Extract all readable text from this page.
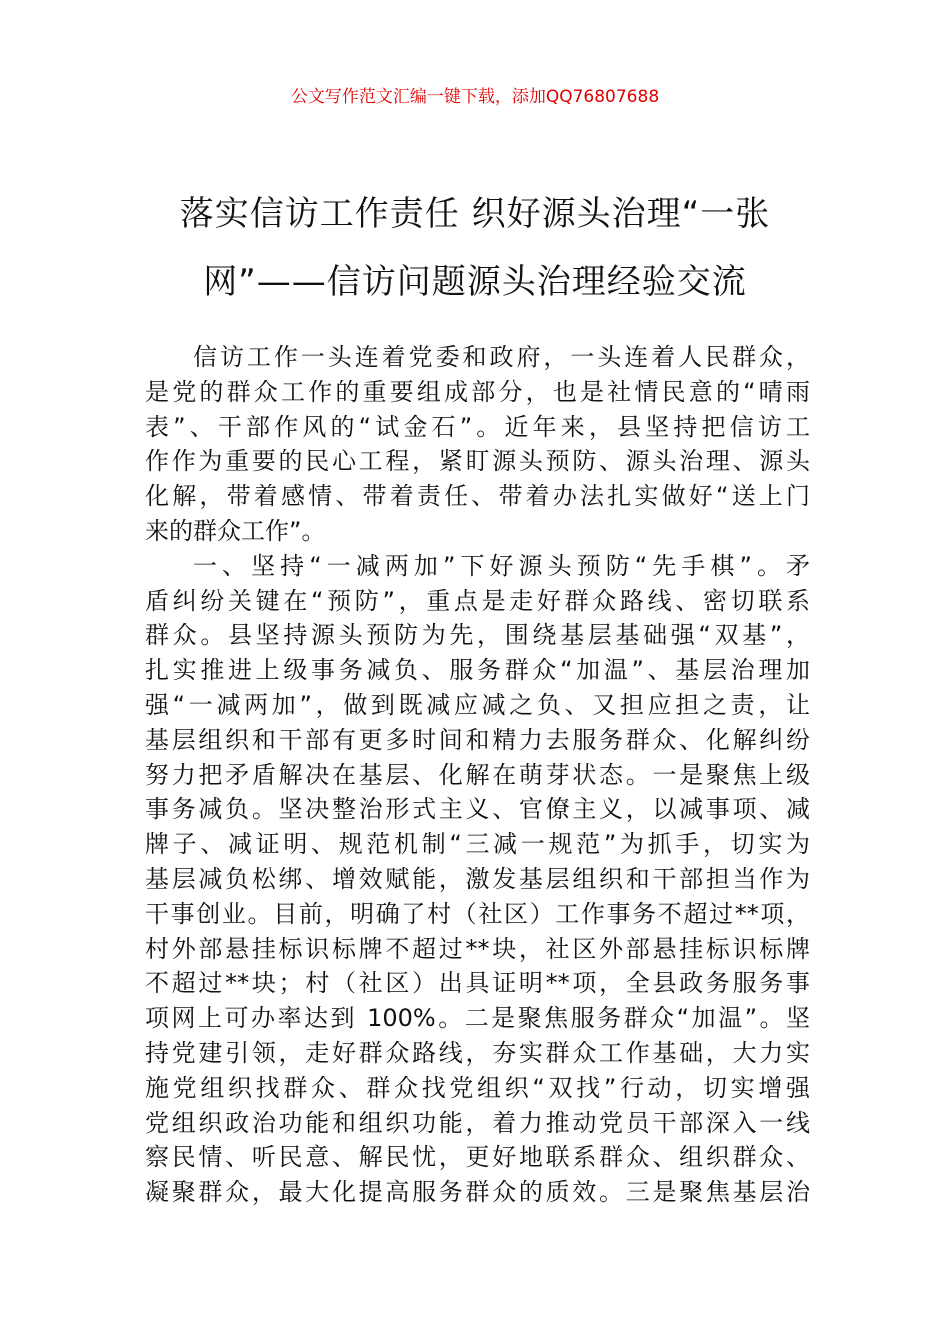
公文写作范文汇编一键下载，添加QQ76807688
落实信访工作责任 织好源头治理“一张
网”——信访问题源头治理经验交流
信访工作一头连着党委和政府，一头连着人民群众，
是党的群众工作的重要组成部分，也是社情民意的“晴雨
表”、干部作风的“试金石”。近年来，县坚持把信访工
作作为重要的民心工程，紧盯源头预防、源头治理、源头
化解，带着感情、带着责任、带着办法扎实做好“送上门
来的群众工作”。
一、坚持“一减两加”下好源头预防“先手棋”。矛
盾纠纷关键在“预防”，重点是走好群众路线、密切联系
群众。县坚持源头预防为先，围绕基层基础强“双基”，
扎实推进上级事务减负、服务群众“加温”、基层治理加
强“一减两加”，做到既减应减之负、又担应担之责，让
基层组织和干部有更多时间和精力去服务群众、化解纠纷
努力把矛盾解决在基层、化解在萌芽状态。一是聚焦上级
事务减负。坚决整治形式主义、官僚主义，以减事项、减
牌子、减证明、规范机制“三减一规范”为抓手，切实为
基层减负松绑、增效赋能，激发基层组织和干部担当作为
干事创业。目前，明确了村（社区）工作事务不超过**项，
村外部悬挂标识标牌不超过**块，社区外部悬挂标识标牌
不超过**块；村（社区）出具证明**项，全县政务服务事
项网上可办率达到 100%。二是聚焦服务群众“加温”。坚
持党建引领，走好群众路线，夯实群众工作基础，大力实
施党组织找群众、群众找党组织“双找”行动，切实增强
党组织政治功能和组织功能，着力推动党员干部深入一线
察民情、听民意、解民忧，更好地联系群众、组织群众、
凝聚群众，最大化提高服务群众的质效。三是聚焦基层治
